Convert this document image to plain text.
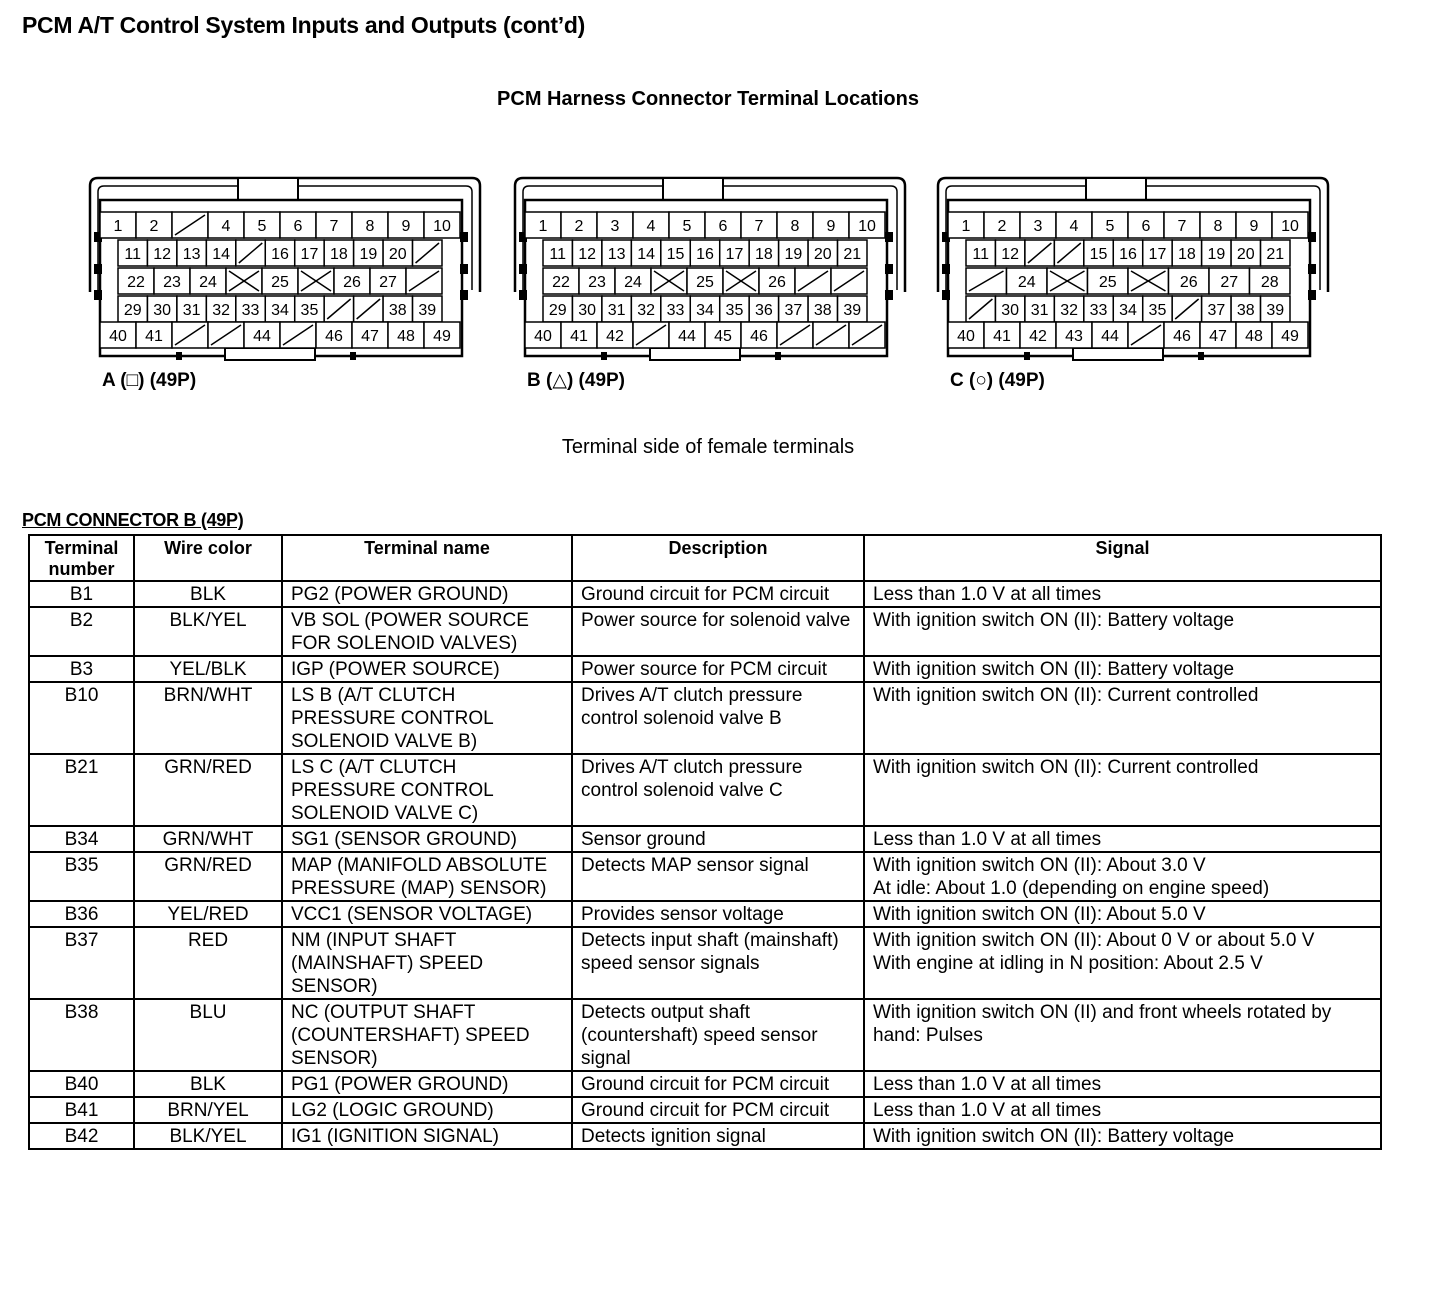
PCM A/T Control System Inputs and Outputs (cont’d)
PCM Harness Connector Terminal Locations
1 2	4 5 6 7 8 9 10
11 12 13 14	16 17 18 19 20
22 23 24	25	26 27
29 30 31 32 33 34 35	38 39
40 41	44	46 47 48 49
A (□) (49P)
1 2 3 4 5 6 7 8 9 10
11 12 13 14 15 16 17 18 19 20 21
22 23 24	25	26
29 30 31 32 33 34 35 36 37 38 39
40 41 42	44 45 46
B (△) (49P)
1 2 3 4 5 6 7 8 9 10
11 12	15 16 17 18 19 20 21
24	25	26 27 28
30 31 32 33 34 35	37 38 39
40 41 42 43 44	46 47 48 49
C (○) (49P)
Terminal side of female terminals
PCM CONNECTOR B (49P)
Terminal
number	Wire color	Terminal name	Description	Signal
B1	BLK	PG2 (POWER GROUND)	Ground circuit for PCM circuit	Less than 1.0 V at all times

B2	BLK/YEL	VB SOL (POWER SOURCE FOR SOLENOID VALVES)	Power source for solenoid valve	With ignition switch ON (II): Battery voltage

B3	YEL/BLK	IGP (POWER SOURCE)	Power source for PCM circuit	With ignition switch ON (II): Battery voltage

B10	BRN/WHT	LS B (A/T CLUTCH PRESSURE CONTROL SOLENOID VALVE B)	Drives A/T clutch pressure control solenoid valve B	With ignition switch ON (II): Current controlled

B21	GRN/RED	LS C (A/T CLUTCH PRESSURE CONTROL SOLENOID VALVE C)	Drives A/T clutch pressure control solenoid valve C	With ignition switch ON (II): Current controlled

B34	GRN/WHT	SG1 (SENSOR GROUND)	Sensor ground	Less than 1.0 V at all times

B35	GRN/RED	MAP (MANIFOLD ABSOLUTE PRESSURE (MAP) SENSOR)	Detects MAP sensor signal	With ignition switch ON (II): About 3.0 V
At idle: About 1.0 (depending on engine speed)

B36	YEL/RED	VCC1 (SENSOR VOLTAGE)	Provides sensor voltage	With ignition switch ON (II): About 5.0 V

B37	RED	NM (INPUT SHAFT (MAINSHAFT) SPEED SENSOR)	Detects input shaft (mainshaft) speed sensor signals	With ignition switch ON (II): About 0 V or about 5.0 V
With engine at idling in N position: About 2.5 V

B38	BLU	NC (OUTPUT SHAFT (COUNTERSHAFT) SPEED SENSOR)	Detects output shaft (countershaft) speed sensor signal	With ignition switch ON (II) and front wheels rotated by hand: Pulses

B40	BLK	PG1 (POWER GROUND)	Ground circuit for PCM circuit	Less than 1.0 V at all times

B41	BRN/YEL	LG2 (LOGIC GROUND)	Ground circuit for PCM circuit	Less than 1.0 V at all times

B42	BLK/YEL	IG1 (IGNITION SIGNAL)	Detects ignition signal	With ignition switch ON (II): Battery voltage
